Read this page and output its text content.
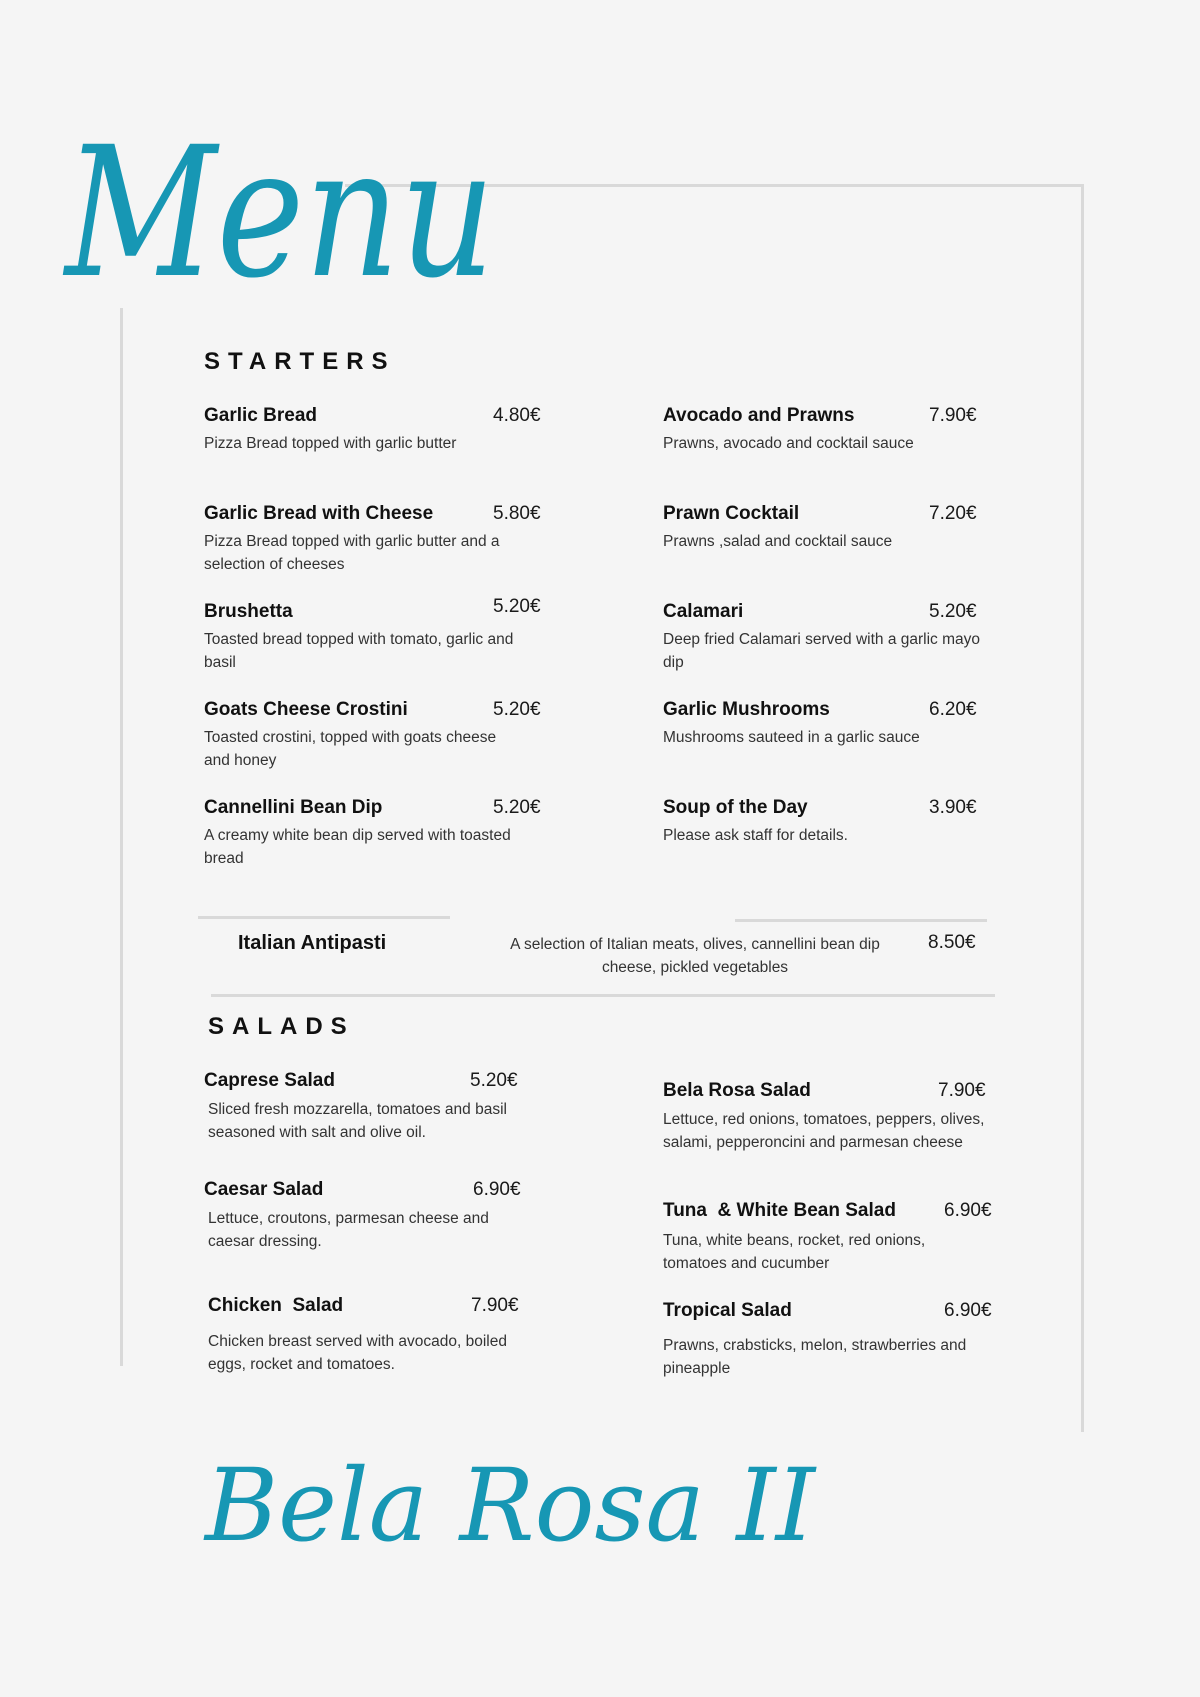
Menu
STARTERS
Garlic Bread	4.80€
Pizza Bread topped with garlic butter
Avocado and Prawns	7.90€
Prawns, avocado and cocktail sauce
Garlic Bread with Cheese	5.80€
Pizza Bread topped with garlic butter and a selection of cheeses
Prawn Cocktail	7.20€
Prawns ,salad and cocktail sauce
Brushetta	5.20€
Toasted bread topped with tomato, garlic and basil
Calamari	5.20€
Deep fried Calamari served with a garlic mayo dip
Goats Cheese Crostini	5.20€
Toasted crostini, topped with goats cheese and honey
Garlic Mushrooms	6.20€
Mushrooms sauteed in a garlic sauce
Cannellini Bean Dip	5.20€
A creamy white bean dip served with toasted bread
Soup of the Day	3.90€
Please ask staff for details.
Italian Antipasti	A selection of Italian meats, olives, cannellini bean dip
cheese, pickled vegetables
8.50€
SALADS
Caprese Salad	5.20€
Sliced fresh mozzarella, tomatoes and basil seasoned with salt and olive oil.
Bela Rosa Salad	7.90€
Lettuce, red onions, tomatoes, peppers, olives, salami, pepperoncini and parmesan cheese
Caesar Salad	6.90€
Lettuce, croutons, parmesan cheese and caesar dressing.
Tuna  & White Bean Salad	6.90€
Tuna, white beans, rocket, red onions, tomatoes and cucumber
Chicken  Salad	7.90€
Chicken breast served with avocado, boiled eggs, rocket and tomatoes.
Tropical Salad	6.90€
Prawns, crabsticks, melon, strawberries and pineapple
Bela Rosa II
